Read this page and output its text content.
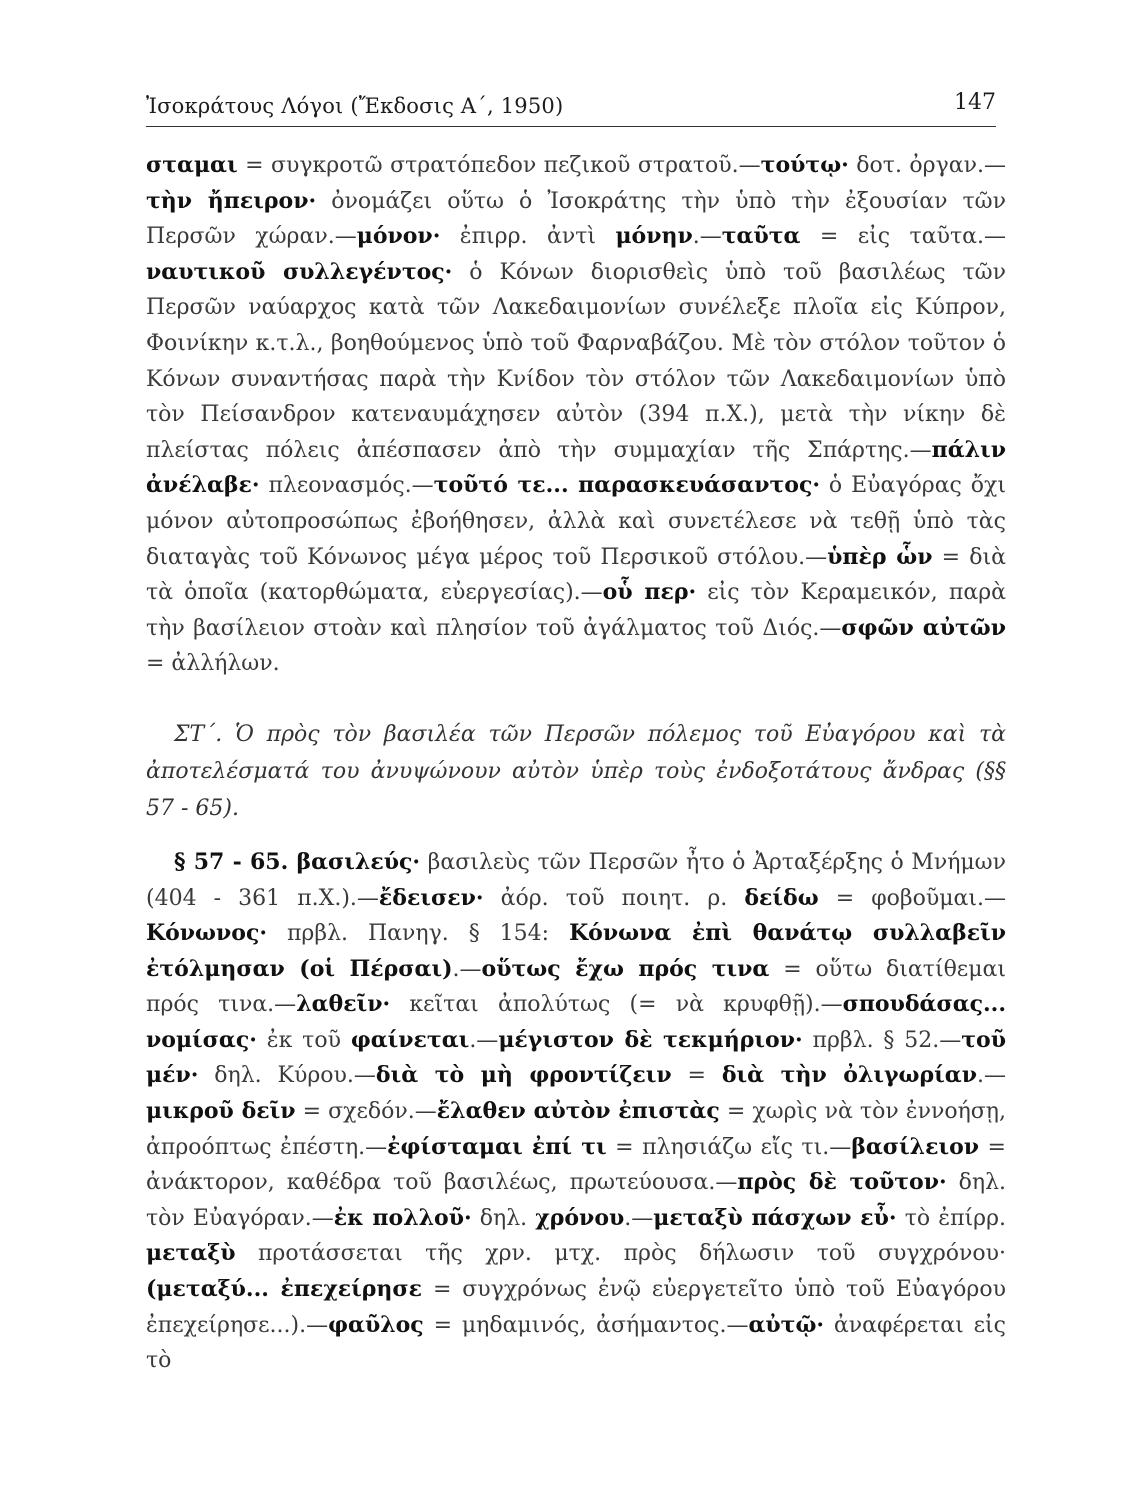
Ἰσοκράτους Λόγοι (Ἔκδοσις Α΄, 1950)	147

σταμαι = συγκροτῶ στρατόπεδον πεζικοῦ στρατοῦ.—τούτῳ· δοτ. ὀργαν.—τὴν ἤπειρον· ὀνομάζει οὕτω ὁ Ἰσοκράτης τὴν ὑπὸ τὴν ἐξουσίαν τῶν Περσῶν χώραν.—μόνον· ἐπιρρ. ἀντὶ μόνην.—ταῦτα = εἰς ταῦτα.—ναυτικοῦ συλλεγέντος· ὁ Κόνων διορισθεὶς ὑπὸ τοῦ βασιλέως τῶν Περσῶν ναύαρχος κατὰ τῶν Λακεδαιμονίων συνέλεξε πλοῖα εἰς Κύπρον, Φοινίκην κ.τ.λ., βοηθούμενος ὑπὸ τοῦ Φαρναβάζου. Μὲ τὸν στόλον τοῦτον ὁ Κόνων συναντήσας παρὰ τὴν Κνίδον τὸν στόλον τῶν Λακεδαιμονίων ὑπὸ τὸν Πείσανδρον κατεναυμάχησεν αὐτὸν (394 π.Χ.), μετὰ τὴν νίκην δὲ πλείστας πόλεις ἀπέσπασεν ἀπὸ τὴν συμμαχίαν τῆς Σπάρτης.—πάλιν ἀνέλαβε· πλεονασμός.—τοῦτό τε... παρασκευάσαντος· ὁ Εὐαγόρας ὄχι μόνον αὐτοπροσώπως ἐβοήθησεν, ἀλλὰ καὶ συνετέλεσε νὰ τεθῇ ὑπὸ τὰς διαταγὰς τοῦ Κόνωνος μέγα μέρος τοῦ Περσικοῦ στόλου.—ὑπὲρ ὧν = διὰ τὰ ὁποῖα (κατορθώματα, εὐεργεσίας).—οὗ περ· εἰς τὸν Κεραμεικόν, παρὰ τὴν βασίλειον στοὰν καὶ πλησίον τοῦ ἀγάλματος τοῦ Διός.—σφῶν αὐτῶν = ἀλλήλων.

ΣΤ΄. Ὁ πρὸς τὸν βασιλέα τῶν Περσῶν πόλεμος τοῦ Εὐαγόρου καὶ τὰ ἀποτελέσματά του ἀνυψώνουν αὐτὸν ὑπὲρ τοὺς ἐνδοξοτάτους ἄνδρας (§§ 57 - 65).

§ 57 - 65. βασιλεύς· βασιλεὺς τῶν Περσῶν ἦτο ὁ Ἀρταξέρξης ὁ Μνήμων (404 - 361 π.Χ.).—ἔδεισεν· ἀόρ. τοῦ ποιητ. ρ. δείδω = φοβοῦμαι.—Κόνωνος· πρβλ. Πανηγ. § 154: Κόνωνα ἐπὶ θανάτῳ συλλαβεῖν ἐτόλμησαν (οἱ Πέρσαι).—οὕτως ἔχω πρός τινα = οὕτω διατίθεμαι πρός τινα.—λαθεῖν· κεῖται ἀπολύτως (= νὰ κρυφθῇ).—σπουδάσας... νομίσας· ἐκ τοῦ φαίνεται.—μέγιστον δὲ τεκμήριον· πρβλ. § 52.—τοῦ μέν· δηλ. Κύρου.—διὰ τὸ μὴ φροντίζειν = διὰ τὴν ὀλιγωρίαν.—μικροῦ δεῖν = σχεδόν.—ἔλαθεν αὐτὸν ἐπιστὰς = χωρὶς νὰ τὸν ἐννοήσῃ, ἀπροόπτως ἐπέστη.—ἐφίσταμαι ἐπί τι = πλησιάζω εἴς τι.—βασίλειον = ἀνάκτορον, καθέδρα τοῦ βασιλέως, πρωτεύουσα.—πρὸς δὲ τοῦτον· δηλ. τὸν Εὐαγόραν.—ἐκ πολλοῦ· δηλ. χρόνου.—μεταξὺ πάσχων εὖ· τὸ ἐπίρρ. μεταξὺ προτάσσεται τῆς χρν. μτχ. πρὸς δήλωσιν τοῦ συγχρόνου· (μεταξύ... ἐπεχείρησε = συγχρόνως ἐνῷ εὐεργετεῖτο ὑπὸ τοῦ Εὐαγόρου ἐπεχείρησε...).—φαῦλος = μηδαμινός, ἀσήμαντος.—αὐτῷ· ἀναφέρεται εἰς τὸ
